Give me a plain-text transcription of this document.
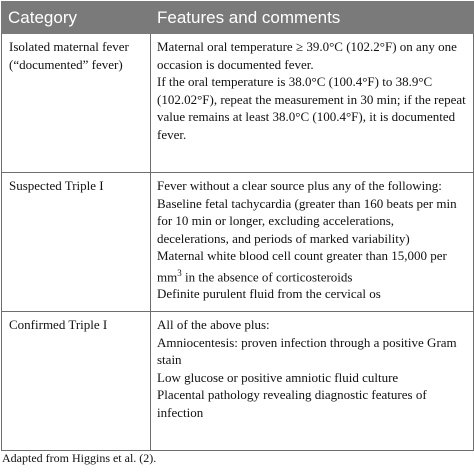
Category	Features and comments

Isolated maternal fever
(“documented” fever)	Maternal oral temperature ≥ 39.0°C (102.2°F) on any one occasion is documented fever.
If the oral temperature is 38.0°C (100.4°F) to 38.9°C (102.02°F), repeat the measurement in 30 min; if the repeat value remains at least 38.0°C (100.4°F), it is documented fever.

Suspected Triple I	Fever without a clear source plus any of the following:
Baseline fetal tachycardia (greater than 160 beats per min for 10 min or longer, excluding accelerations, decelerations, and periods of marked variability)
Maternal white blood cell count greater than 15,000 per $mm^3$ in the absence of corticosteroids
Definite purulent fluid from the cervical os

Confirmed Triple I	All of the above plus:
Amniocentesis: proven infection through a positive Gram stain
Low glucose or positive amniotic fluid culture
Placental pathology revealing diagnostic features of infection
Adapted from Higgins et al. (2).
